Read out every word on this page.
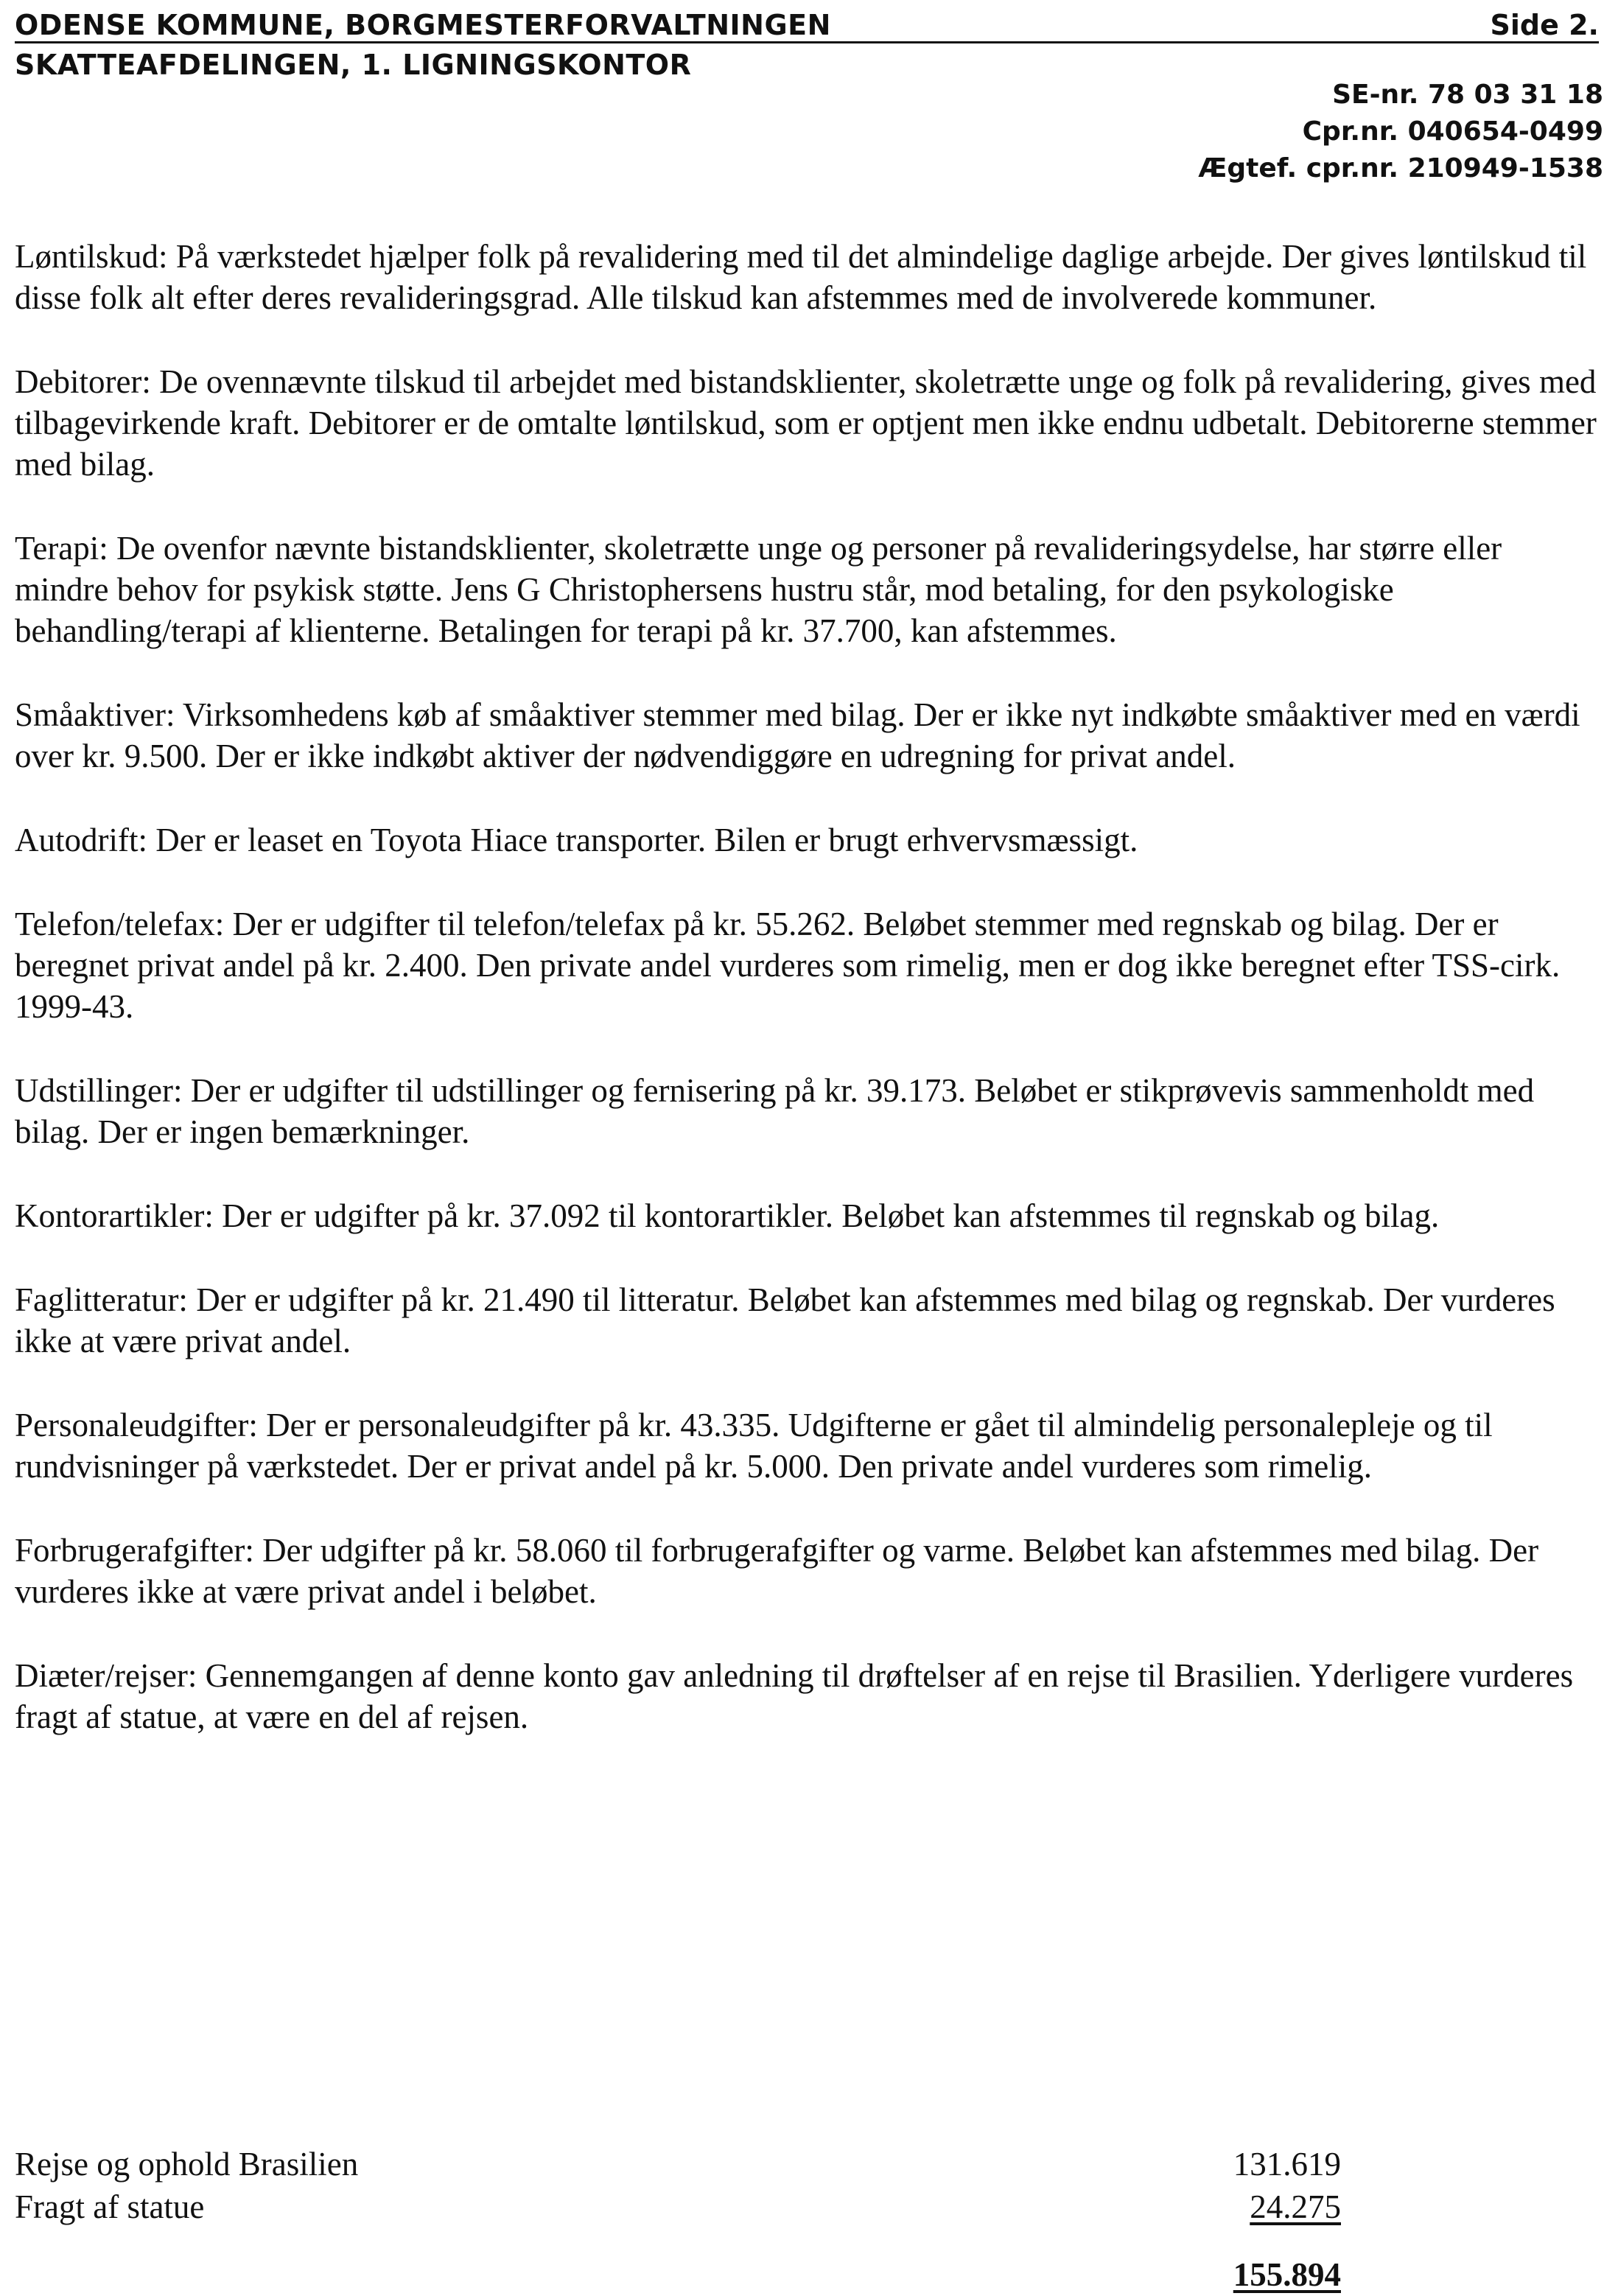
ODENSE KOMMUNE, BORGMESTERFORVALTNINGEN	Side 2.
SKATTEAFDELINGEN, 1. LIGNINGSKONTOR
SE-nr. 78 03 31 18
Cpr.nr. 040654-0499
Ægtef. cpr.nr. 210949-1538

Løntilskud: På værkstedet hjælper folk på revalidering med til det almindelige daglige arbejde. Der gives løntilskud til disse folk alt efter deres revalideringsgrad. Alle tilskud kan afstemmes med de involverede kommuner.

Debitorer: De ovennævnte tilskud til arbejdet med bistandsklienter, skoletrætte unge og folk på revalidering, gives med tilbagevirkende kraft. Debitorer er de omtalte løntilskud, som er optjent men ikke endnu udbetalt. Debitorerne stemmer med bilag.

Terapi: De ovenfor nævnte bistandsklienter, skoletrætte unge og personer på revalideringsydelse, har større eller mindre behov for psykisk støtte. Jens G Christophersens hustru står, mod betaling, for den psykologiske behandling/terapi af klienterne. Betalingen for terapi på kr. 37.700, kan afstemmes.

Småaktiver: Virksomhedens køb af småaktiver stemmer med bilag. Der er ikke nyt indkøbte småaktiver med en værdi over kr. 9.500. Der er ikke indkøbt aktiver der nødvendiggøre en udregning for privat andel.

Autodrift: Der er leaset en Toyota Hiace transporter. Bilen er brugt erhvervsmæssigt.

Telefon/telefax: Der er udgifter til telefon/telefax på kr. 55.262. Beløbet stemmer med regnskab og bilag. Der er beregnet privat andel på kr. 2.400. Den private andel vurderes som rimelig, men er dog ikke beregnet efter TSS-cirk. 1999-43.

Udstillinger: Der er udgifter til udstillinger og fernisering på kr. 39.173. Beløbet er stikprøvevis sammenholdt med bilag. Der er ingen bemærkninger.

Kontorartikler: Der er udgifter på kr. 37.092 til kontorartikler. Beløbet kan afstemmes til regnskab og bilag.

Faglitteratur: Der er udgifter på kr. 21.490 til litteratur. Beløbet kan afstemmes med bilag og regnskab. Der vurderes ikke at være privat andel.

Personaleudgifter: Der er personaleudgifter på kr. 43.335. Udgifterne er gået til almindelig personalepleje og til rundvisninger på værkstedet. Der er privat andel på kr. 5.000. Den private andel vurderes som rimelig.

Forbrugerafgifter: Der udgifter på kr. 58.060 til forbrugerafgifter og varme. Beløbet kan afstemmes med bilag. Der vurderes ikke at være privat andel i beløbet.

Diæter/rejser: Gennemgangen af denne konto gav anledning til drøftelser af en rejse til Brasilien. Yderligere vurderes fragt af statue, at være en del af rejsen.

Rejse og ophold Brasilien	131.619
Fragt af statue	24.275
155.894
